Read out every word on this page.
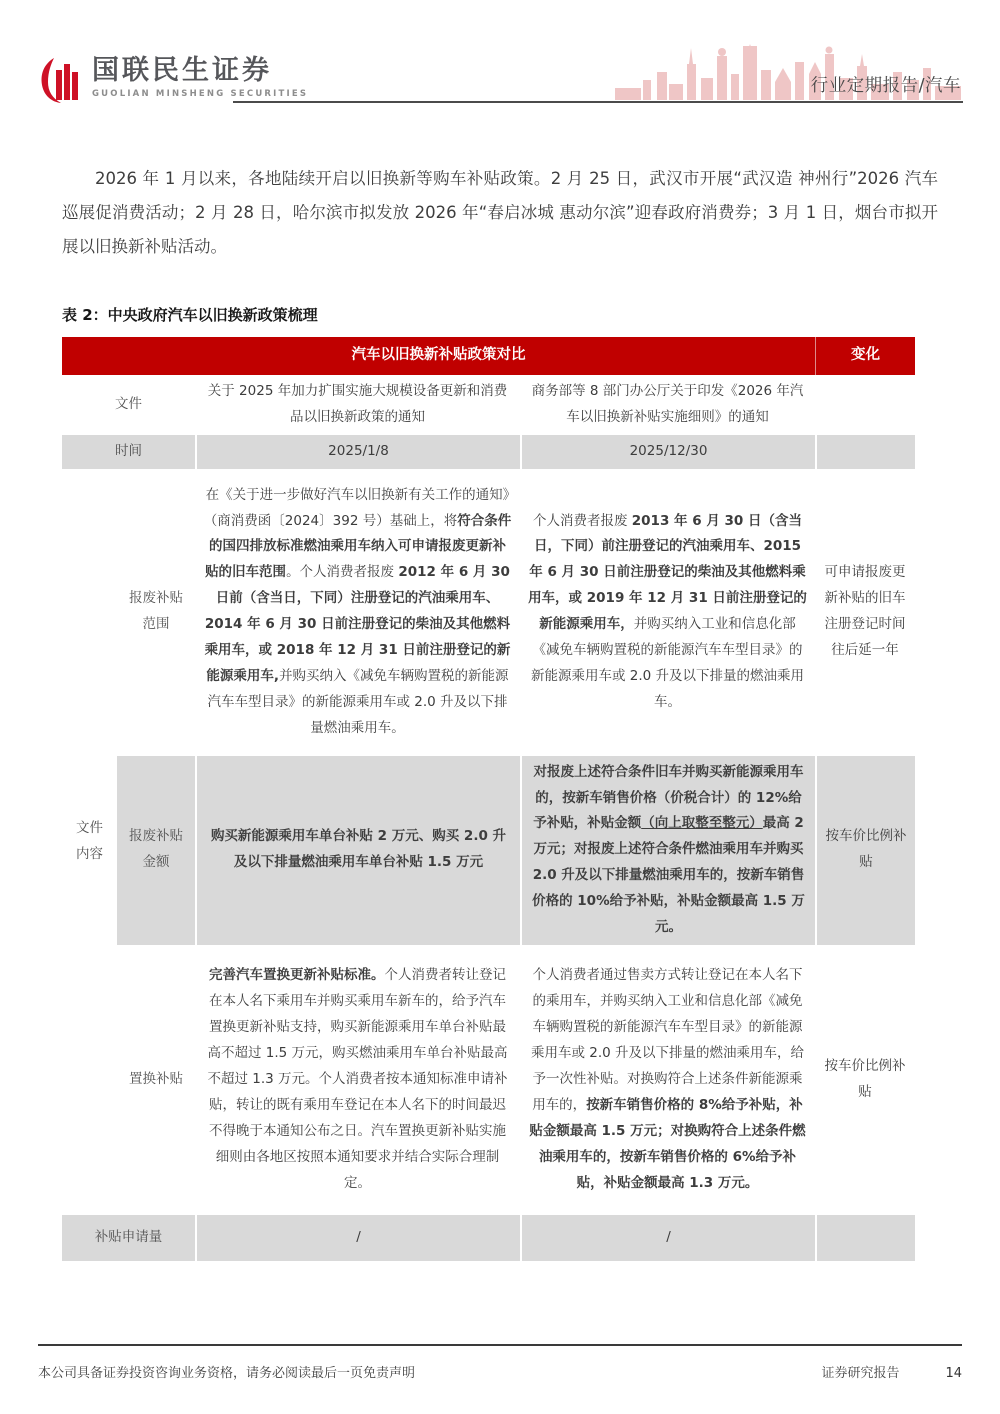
国联民生证券
GUOLIAN MINSHENG SECURITIES	行业定期报告/汽车

2026 年 1 月以来，各地陆续开启以旧换新等购车补贴政策。2 月 25 日，武汉市开展“武汉造 神州行”2026 汽车巡展促消费活动；2 月 28 日，哈尔滨市拟发放 2026 年“春启冰城 惠动尔滨”迎春政府消费券；3 月 1 日，烟台市拟开展以旧换新补贴活动。

表 2：中央政府汽车以旧换新政策梳理
汽车以旧换新补贴政策对比				变化
文件		关于 2025 年加力扩围实施大规模设备更新和消费品以旧换新政策的通知	商务部等 8 部门办公厅关于印发《2026 年汽车以旧换新补贴实施细则》的通知	
时间		2025/1/8	2025/12/30	
文件内容	报废补贴范围	在《关于进一步做好汽车以旧换新有关工作的通知》（商消费函〔2024〕392 号）基础上，将符合条件的国四排放标准燃油乘用车纳入可申请报废更新补贴的旧车范围。个人消费者报废 2012 年 6 月 30 日前（含当日，下同）注册登记的汽油乘用车、2014 年 6 月 30 日前注册登记的柴油及其他燃料乘用车，或 2018 年 12 月 31 日前注册登记的新能源乘用车,并购买纳入《减免车辆购置税的新能源汽车车型目录》的新能源乘用车或 2.0 升及以下排量燃油乘用车。	个人消费者报废 2013 年 6 月 30 日（含当日，下同）前注册登记的汽油乘用车、2015 年 6 月 30 日前注册登记的柴油及其他燃料乘用车，或 2019 年 12 月 31 日前注册登记的新能源乘用车，并购买纳入工业和信息化部《减免车辆购置税的新能源汽车车型目录》的新能源乘用车或 2.0 升及以下排量的燃油乘用车。	可申请报废更新补贴的旧车注册登记时间往后延一年
	报废补贴金额	购买新能源乘用车单台补贴 2 万元、购买 2.0 升及以下排量燃油乘用车单台补贴 1.5 万元	对报废上述符合条件旧车并购买新能源乘用车的，按新车销售价格（价税合计）的 12%给予补贴，补贴金额（向上取整至整元）最高 2 万元；对报废上述符合条件燃油乘用车并购买 2.0 升及以下排量燃油乘用车的，按新车销售价格的 10%给予补贴，补贴金额最高 1.5 万元。	按车价比例补贴
	置换补贴	完善汽车置换更新补贴标准。个人消费者转让登记在本人名下乘用车并购买乘用车新车的，给予汽车置换更新补贴支持，购买新能源乘用车单台补贴最高不超过 1.5 万元，购买燃油乘用车单台补贴最高不超过 1.3 万元。个人消费者按本通知标准申请补贴，转让的既有乘用车登记在本人名下的时间最迟不得晚于本通知公布之日。汽车置换更新补贴实施细则由各地区按照本通知要求并结合实际合理制定。	个人消费者通过售卖方式转让登记在本人名下的乘用车，并购买纳入工业和信息化部《减免车辆购置税的新能源汽车车型目录》的新能源乘用车或 2.0 升及以下排量的燃油乘用车，给予一次性补贴。对换购符合上述条件新能源乘用车的，按新车销售价格的 8%给予补贴，补贴金额最高 1.5 万元；对换购符合上述条件燃油乘用车的，按新车销售价格的 6%给予补贴，补贴金额最高 1.3 万元。	按车价比例补贴
补贴申请量		/	/	
本公司具备证券投资咨询业务资格，请务必阅读最后一页免责声明	证券研究报告	14
